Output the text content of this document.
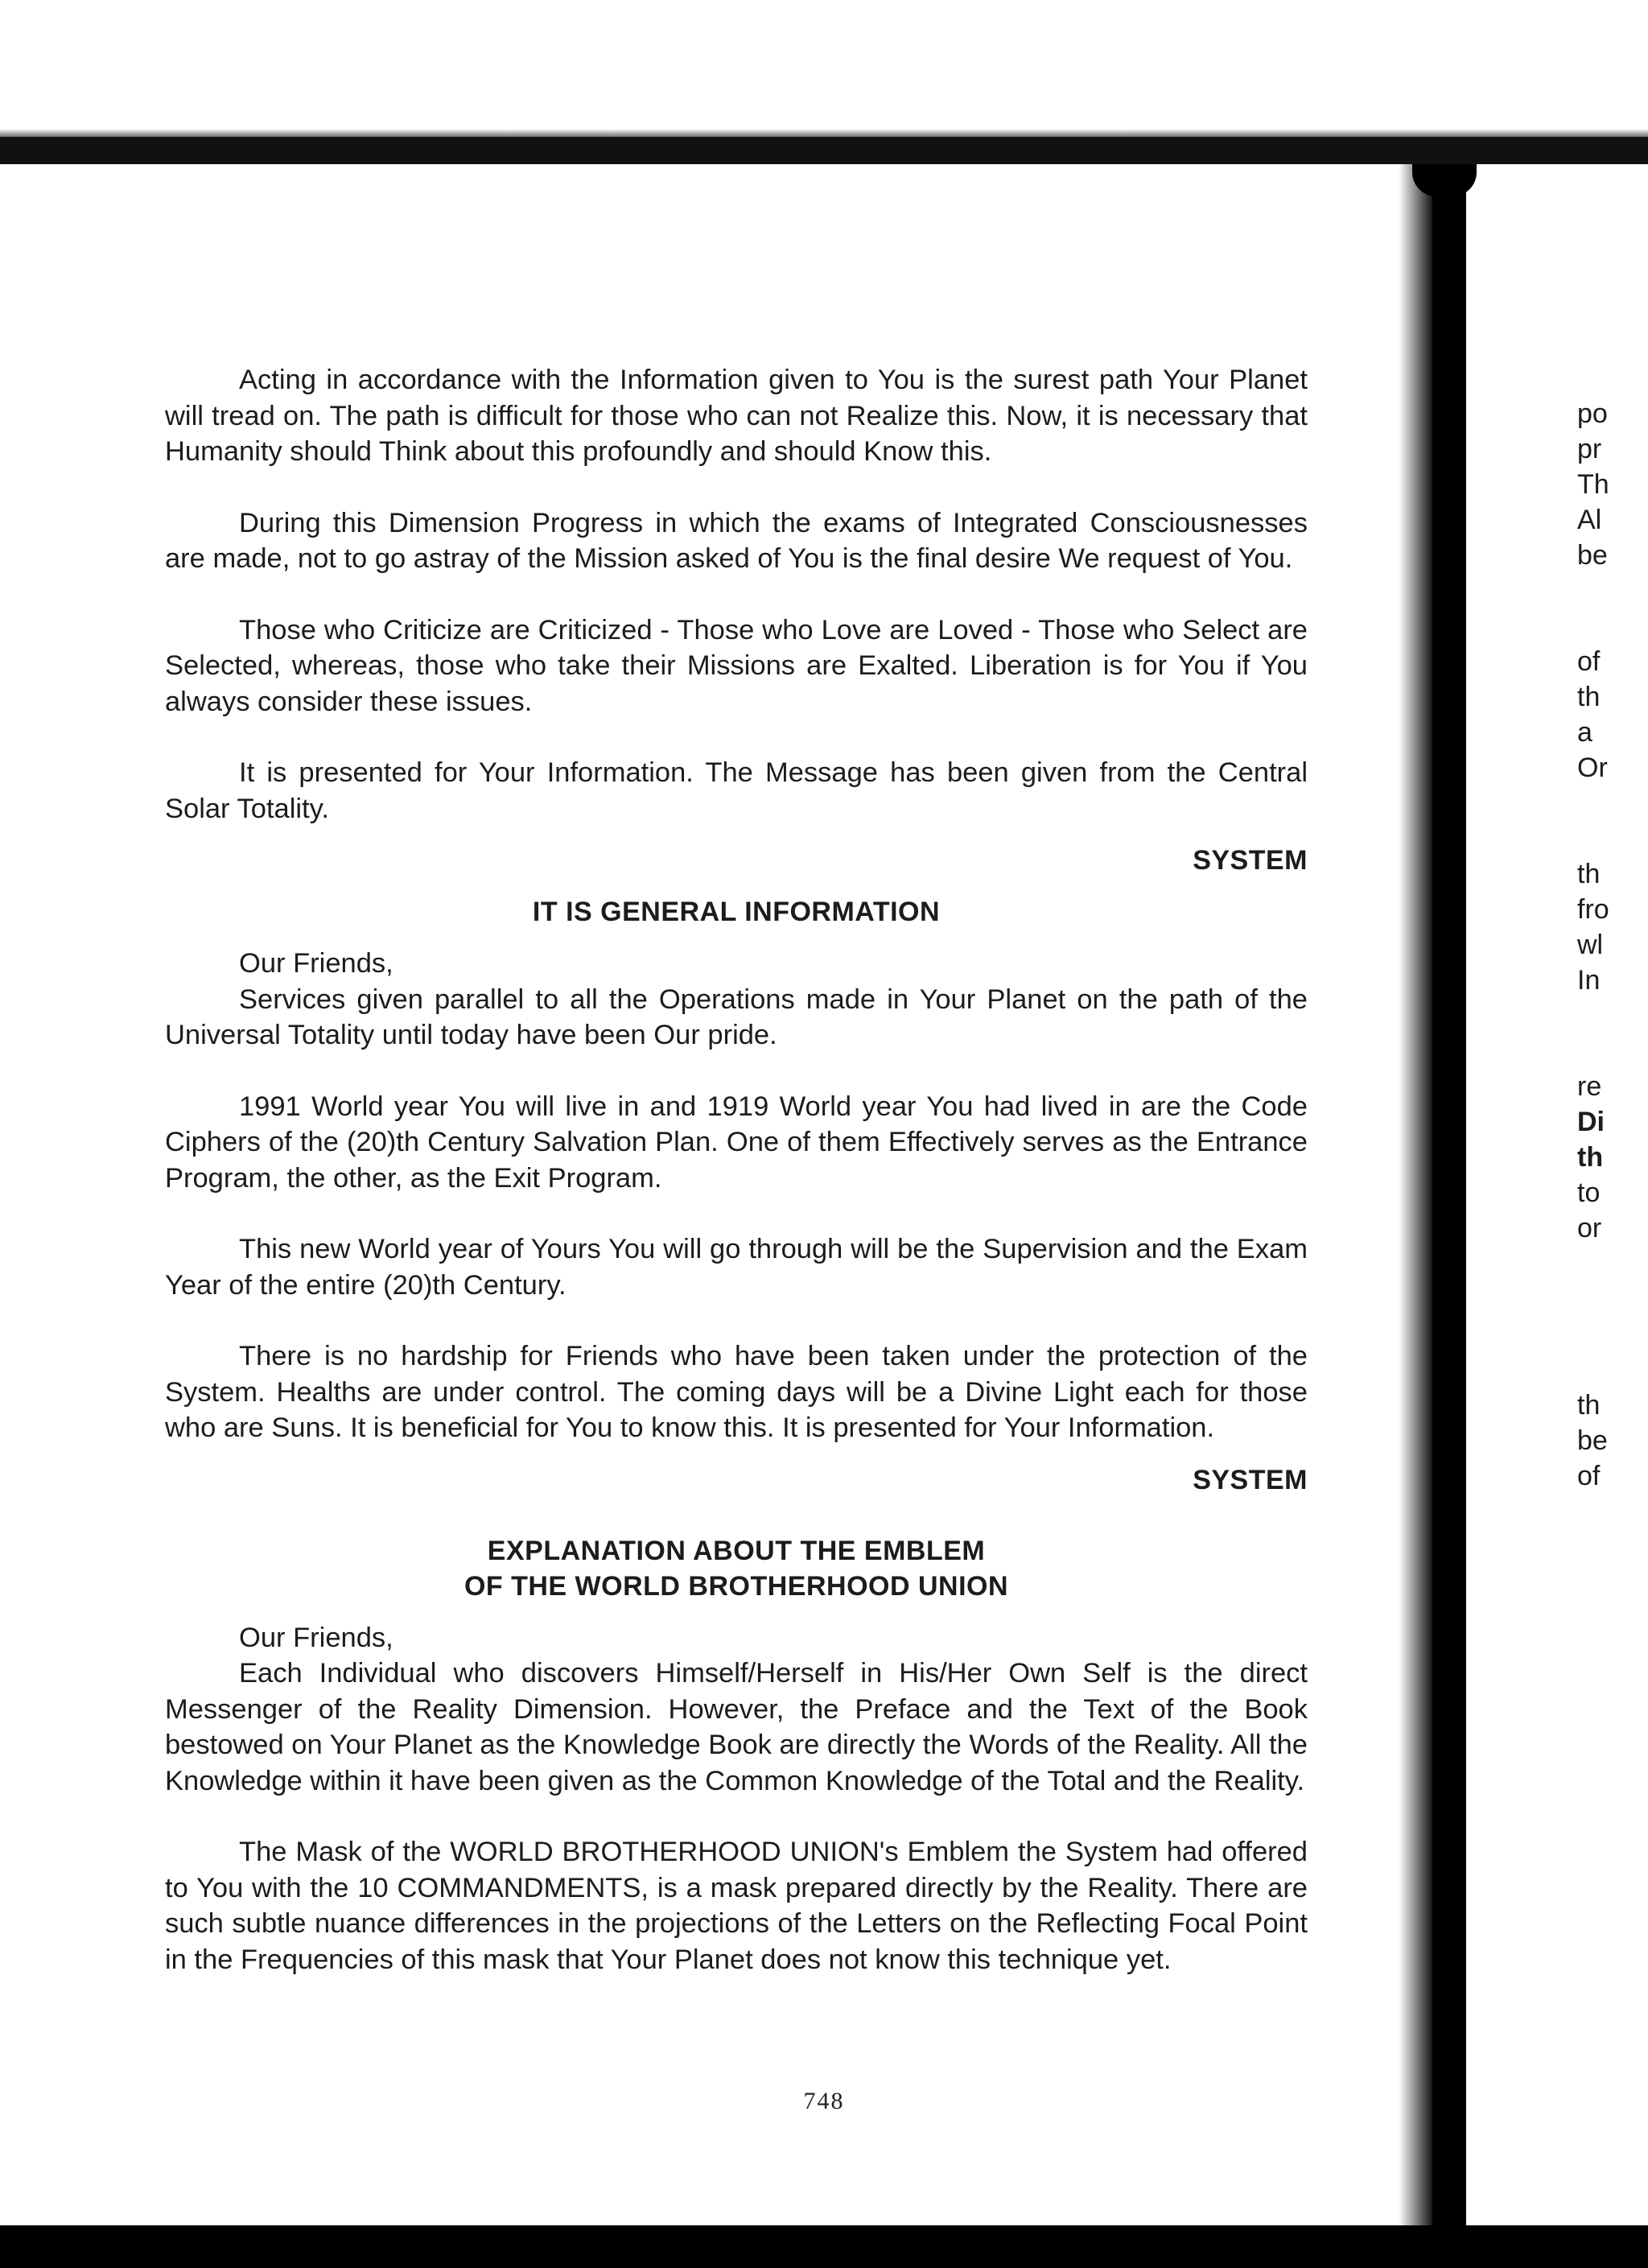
Acting in accordance with the Information given to You is the surest path Your Planet will tread on. The path is difficult for those who can not Realize this. Now, it is necessary that Humanity should Think about this profoundly and should Know this.

During this Dimension Progress in which the exams of Integrated Consciousnesses are made, not to go astray of the Mission asked of You is the final desire We request of You.

Those who Criticize are Criticized - Those who Love are Loved - Those who Select are Selected, whereas, those who take their Missions are Exalted. Liberation is for You if You always consider these issues.

It is presented for Your Information. The Message has been given from the Central Solar Totality.

SYSTEM

IT IS GENERAL INFORMATION

Our Friends,

Services given parallel to all the Operations made in Your Planet on the path of the Universal Totality until today have been Our pride.

1991 World year You will live in and 1919 World year You had lived in are the Code Ciphers of the (20)th Century Salvation Plan. One of them Effectively serves as the Entrance Program, the other, as the Exit Program.

This new World year of Yours You will go through will be the Supervision and the Exam Year of the entire (20)th Century.

There is no hardship for Friends who have been taken under the protection of the System. Healths are under control. The coming days will be a Divine Light each for those who are Suns. It is beneficial for You to know this. It is presented for Your Information.

SYSTEM

EXPLANATION ABOUT THE EMBLEM

OF THE WORLD BROTHERHOOD UNION

Our Friends,

Each Individual who discovers Himself/Herself in His/Her Own Self is the direct Messenger of the Reality Dimension. However, the Preface and the Text of the Book bestowed on Your Planet as the Knowledge Book are directly the Words of the Reality. All the Knowledge within it have been given as the Common Knowledge of the Total and the Reality.

The Mask of the WORLD BROTHERHOOD UNION's Emblem the System had offered to You with the 10 COMMANDMENTS, is a mask prepared directly by the Reality. There are such subtle nuance differences in the projections of the Letters on the Reflecting Focal Point in the Frequencies of this mask that Your Planet does not know this technique yet.

748
po
pr
Th
Al
be
of
th
a
Or
th
fro
wl
In
re
Di
th
to
or
th
be
of
